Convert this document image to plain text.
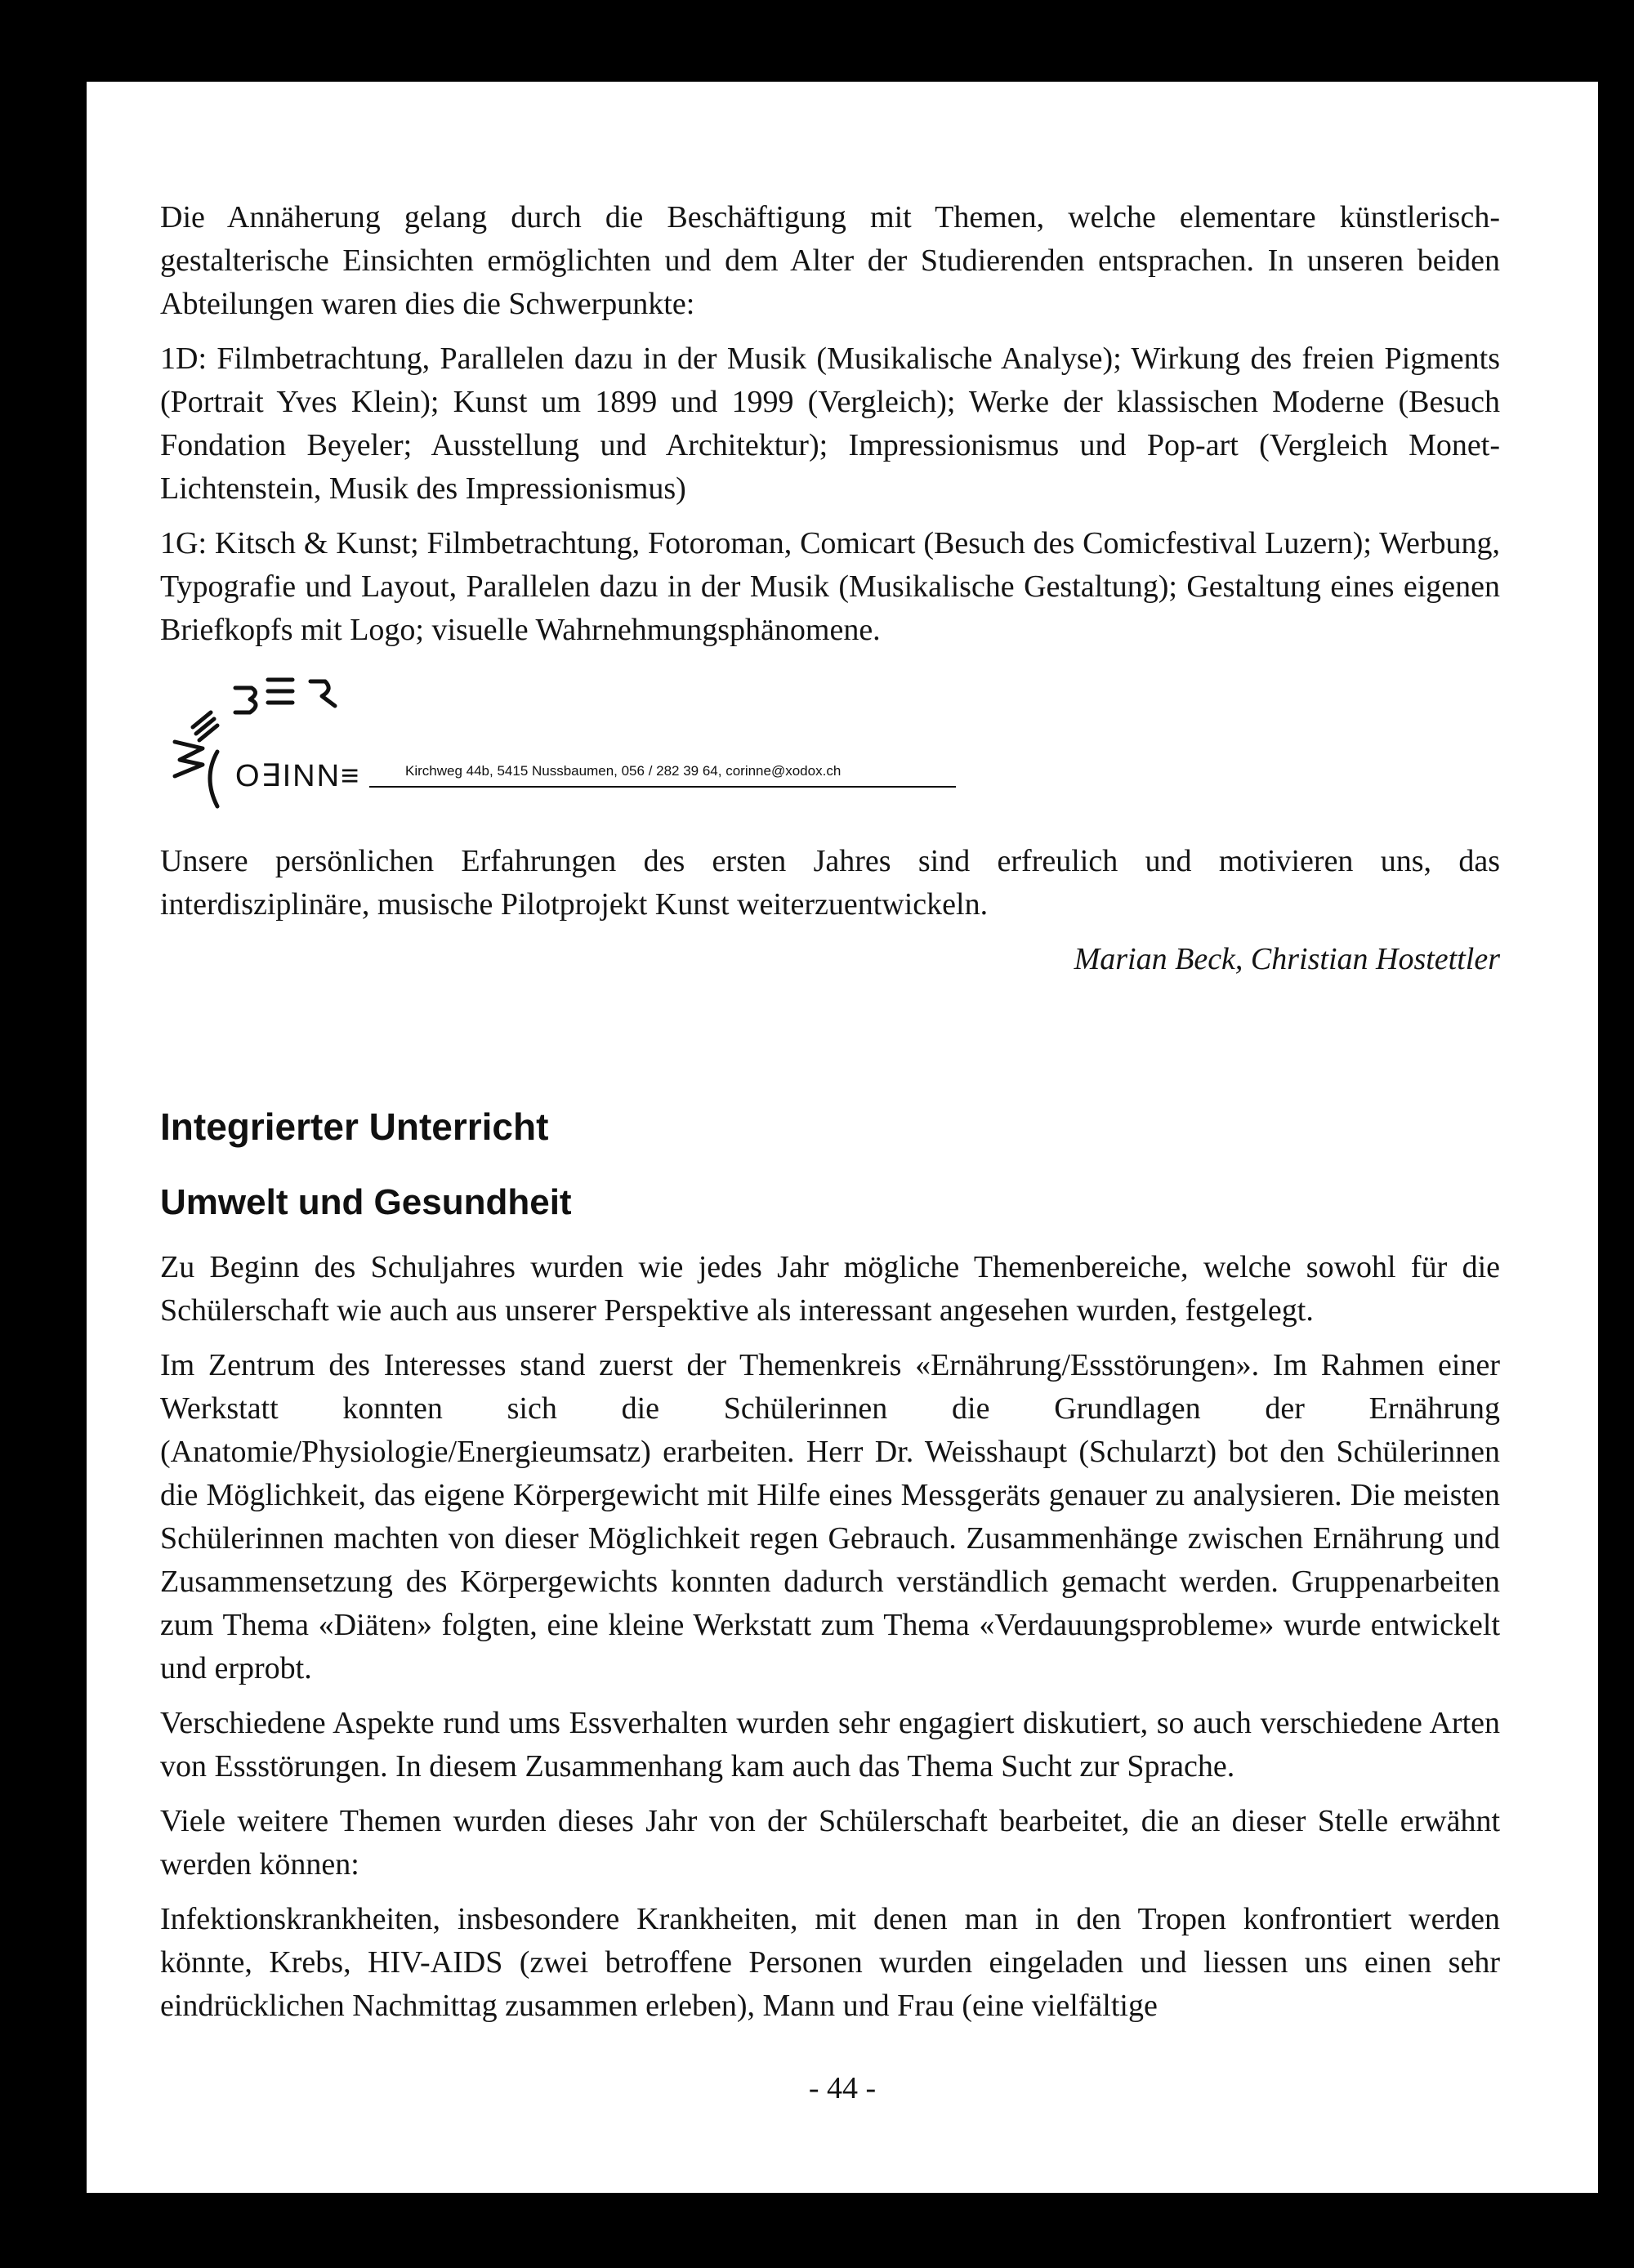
Die Annäherung gelang durch die Beschäftigung mit Themen, welche elementare künstlerisch-gestalterische Einsichten ermöglichten und dem Alter der Studierenden entsprachen. In unseren beiden Abteilungen waren dies die Schwerpunkte:

1D: Filmbetrachtung, Parallelen dazu in der Musik (Musikalische Analyse); Wirkung des freien Pigments (Portrait Yves Klein); Kunst um 1899 und 1999 (Vergleich); Werke der klassischen Moderne (Besuch Fondation Beyeler; Ausstellung und Architektur); Impressionismus und Pop-art (Vergleich Monet-Lichtenstein, Musik des Impressionismus)

1G: Kitsch & Kunst; Filmbetrachtung, Fotoroman, Comicart (Besuch des Comicfestival Luzern); Werbung, Typografie und Layout, Parallelen dazu in der Musik (Musikalische Gestaltung); Gestaltung eines eigenen Briefkopfs mit Logo; visuelle Wahrnehmungsphänomene.

O∃INN≡	Kirchweg 44b, 5415 Nussbaumen, 056 / 282 39 64, corinne@xodox.ch

Unsere persönlichen Erfahrungen des ersten Jahres sind erfreulich und motivieren uns, das interdisziplinäre, musische Pilotprojekt Kunst weiterzuentwickeln.

Marian Beck, Christian Hostettler
Integrierter Unterricht
Umwelt und Gesundheit

Zu Beginn des Schuljahres wurden wie jedes Jahr mögliche Themenbereiche, welche sowohl für die Schülerschaft wie auch aus unserer Perspektive als interessant angesehen wurden, festgelegt.

Im Zentrum des Interesses stand zuerst der Themenkreis «Ernährung/Essstörungen». Im Rahmen einer Werkstatt konnten sich die Schülerinnen die Grundlagen der Ernährung (Anatomie/Physiologie/Energieumsatz) erarbeiten. Herr Dr. Weisshaupt (Schularzt) bot den Schülerinnen die Möglichkeit, das eigene Körpergewicht mit Hilfe eines Messgeräts genauer zu analysieren. Die meisten Schülerinnen machten von dieser Möglichkeit regen Gebrauch. Zusammenhänge zwischen Ernährung und Zusammensetzung des Körpergewichts konnten dadurch verständlich gemacht werden. Gruppenarbeiten zum Thema «Diäten» folgten, eine kleine Werkstatt zum Thema «Verdauungsprobleme» wurde entwickelt und erprobt.

Verschiedene Aspekte rund ums Essverhalten wurden sehr engagiert diskutiert, so auch verschiedene Arten von Essstörungen. In diesem Zusammenhang kam auch das Thema Sucht zur Sprache.

Viele weitere Themen wurden dieses Jahr von der Schülerschaft bearbeitet, die an dieser Stelle erwähnt werden können:

Infektionskrankheiten, insbesondere Krankheiten, mit denen man in den Tropen konfrontiert werden könnte, Krebs, HIV-AIDS (zwei betroffene Personen wurden eingeladen und liessen uns einen sehr eindrücklichen Nachmittag zusammen erleben), Mann und Frau (eine vielfältige

- 44 -
